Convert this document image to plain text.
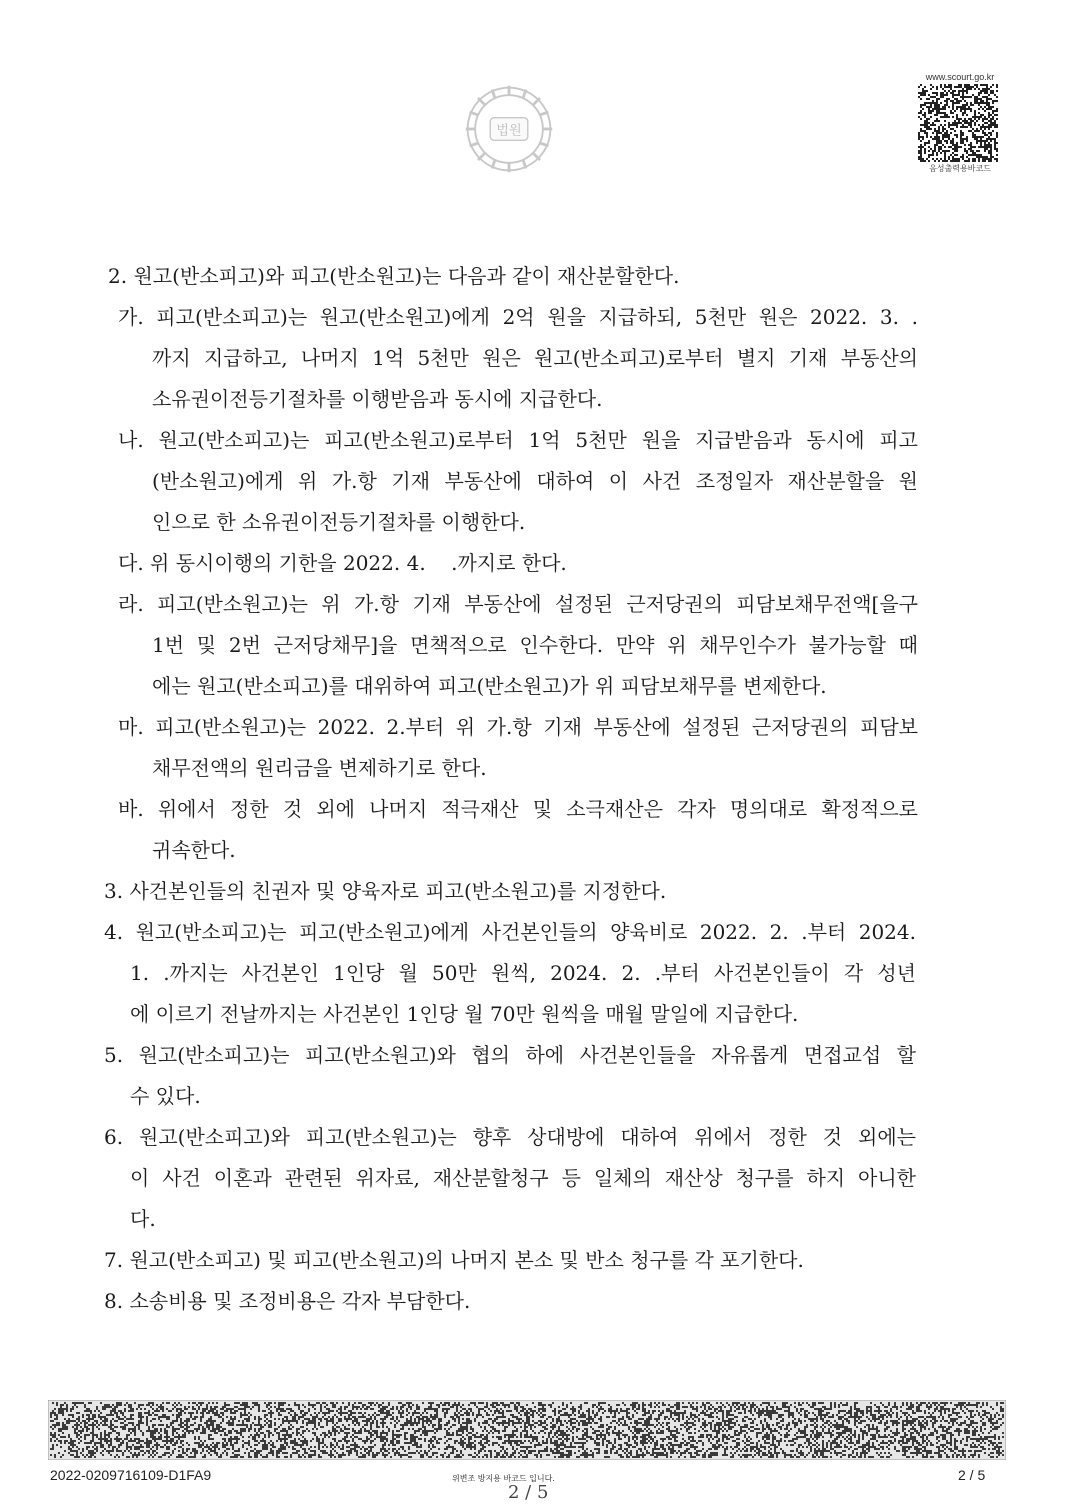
법원
www.scourt.go.kr
음성출력용바코드
2. 원고(반소피고)와 피고(반소원고)는 다음과 같이 재산분할한다.
가. 피고(반소피고)는 원고(반소원고)에게 2억 원을 지급하되, 5천만 원은 2022. 3. .
까지 지급하고, 나머지 1억 5천만 원은 원고(반소피고)로부터 별지 기재 부동산의
소유권이전등기절차를 이행받음과 동시에 지급한다.
나. 원고(반소피고)는 피고(반소원고)로부터 1억 5천만 원을 지급받음과 동시에 피고
(반소원고)에게 위 가.항 기재 부동산에 대하여 이 사건 조정일자 재산분할을 원
인으로 한 소유권이전등기절차를 이행한다.
다. 위 동시이행의 기한을 2022. 4.    .까지로 한다.
라. 피고(반소원고)는 위 가.항 기재 부동산에 설정된 근저당권의 피담보채무전액[을구
1번 및 2번 근저당채무]을 면책적으로 인수한다. 만약 위 채무인수가 불가능할 때
에는 원고(반소피고)를 대위하여 피고(반소원고)가 위 피담보채무를 변제한다.
마. 피고(반소원고)는 2022. 2.부터 위 가.항 기재 부동산에 설정된 근저당권의 피담보
채무전액의 원리금을 변제하기로 한다.
바. 위에서 정한 것 외에 나머지 적극재산 및 소극재산은 각자 명의대로 확정적으로
귀속한다.
3. 사건본인들의 친권자 및 양육자로 피고(반소원고)를 지정한다.
4. 원고(반소피고)는 피고(반소원고)에게 사건본인들의 양육비로 2022. 2. .부터 2024.
1. .까지는 사건본인 1인당 월 50만 원씩, 2024. 2. .부터 사건본인들이 각 성년
에 이르기 전날까지는 사건본인 1인당 월 70만 원씩을 매월 말일에 지급한다.
5. 원고(반소피고)는 피고(반소원고)와 협의 하에 사건본인들을 자유롭게 면접교섭 할
수 있다.
6. 원고(반소피고)와 피고(반소원고)는 향후 상대방에 대하여 위에서 정한 것 외에는
이 사건 이혼과 관련된 위자료, 재산분할청구 등 일체의 재산상 청구를 하지 아니한
다.
7. 원고(반소피고) 및 피고(반소원고)의 나머지 본소 및 반소 청구를 각 포기한다.
8. 소송비용 및 조정비용은 각자 부담한다.
2022-0209716109-D1FA9	위변조 방지용 바코드 입니다.	2 / 5
2 / 5
